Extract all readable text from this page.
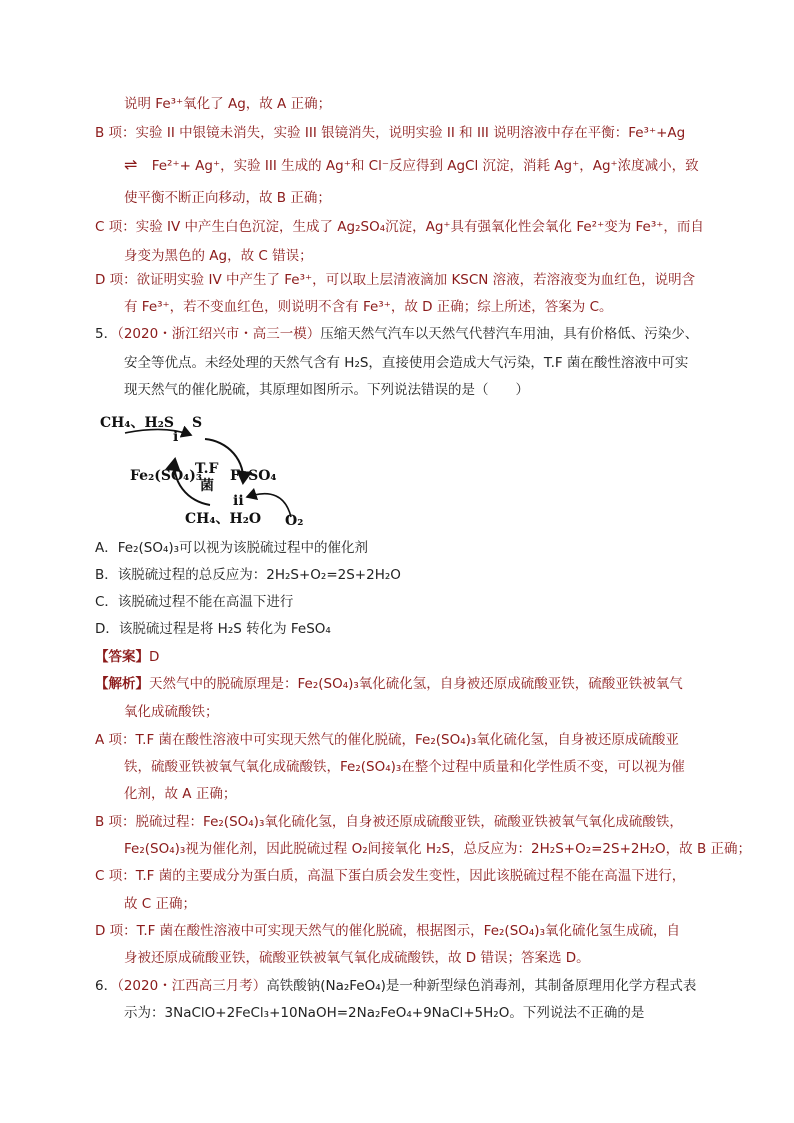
说明 Fe³⁺氧化了 Ag，故 A 正确；
B 项：实验 II 中银镜未消失，实验 III 银镜消失，说明实验 II 和 III 说明溶液中存在平衡：Fe³⁺+Ag
⇌ Fe²⁺+ Ag⁺，实验 III 生成的 Ag⁺和 Cl⁻反应得到 AgCl 沉淀，消耗 Ag⁺，Ag⁺浓度减小，致
使平衡不断正向移动，故 B 正确；
C 项：实验 IV 中产生白色沉淀，生成了 Ag₂SO₄沉淀，Ag⁺具有强氧化性会氧化 Fe²⁺变为 Fe³⁺，而自
身变为黑色的 Ag，故 C 错误；
D 项：欲证明实验 IV 中产生了 Fe³⁺，可以取上层清液滴加 KSCN 溶液，若溶液变为血红色，说明含
有 Fe³⁺，若不变血红色，则说明不含有 Fe³⁺，故 D 正确；综上所述，答案为 C。
5．（2020・浙江绍兴市・高三一模）压缩天然气汽车以天然气代替汽车用油，具有价格低、污染少、
安全等优点。未经处理的天然气含有 H₂S，直接使用会造成大气污染，T.F 菌在酸性溶液中可实
现天然气的催化脱硫，其原理如图所示。下列说法错误的是（　　）
CH₄、H₂S S
i
Fe₂(SO₄)₃
T.F
菌
FeSO₄
ii
CH₄、H₂O O₂
A．Fe₂(SO₄)₃可以视为该脱硫过程中的催化剂
B．该脱硫过程的总反应为：2H₂S+O₂=2S+2H₂O
C．该脱硫过程不能在高温下进行
D．该脱硫过程是将 H₂S 转化为 FeSO₄
【答案】D
【解析】天然气中的脱硫原理是：Fe₂(SO₄)₃氧化硫化氢，自身被还原成硫酸亚铁，硫酸亚铁被氧气
氧化成硫酸铁；
A 项：T.F 菌在酸性溶液中可实现天然气的催化脱硫，Fe₂(SO₄)₃氧化硫化氢，自身被还原成硫酸亚
铁，硫酸亚铁被氧气氧化成硫酸铁，Fe₂(SO₄)₃在整个过程中质量和化学性质不变，可以视为催
化剂，故 A 正确；
B 项：脱硫过程：Fe₂(SO₄)₃氧化硫化氢，自身被还原成硫酸亚铁，硫酸亚铁被氧气氧化成硫酸铁，
Fe₂(SO₄)₃视为催化剂，因此脱硫过程 O₂间接氧化 H₂S，总反应为：2H₂S+O₂=2S+2H₂O，故 B 正确；
C 项：T.F 菌的主要成分为蛋白质，高温下蛋白质会发生变性，因此该脱硫过程不能在高温下进行，
故 C 正确；
D 项：T.F 菌在酸性溶液中可实现天然气的催化脱硫，根据图示，Fe₂(SO₄)₃氧化硫化氢生成硫，自
身被还原成硫酸亚铁，硫酸亚铁被氧气氧化成硫酸铁，故 D 错误；答案选 D。
6．（2020・江西高三月考）高铁酸钠(Na₂FeO₄)是一种新型绿色消毒剂，其制备原理用化学方程式表
示为：3NaClO+2FeCl₃+10NaOH=2Na₂FeO₄+9NaCl+5H₂O。下列说法不正确的是
